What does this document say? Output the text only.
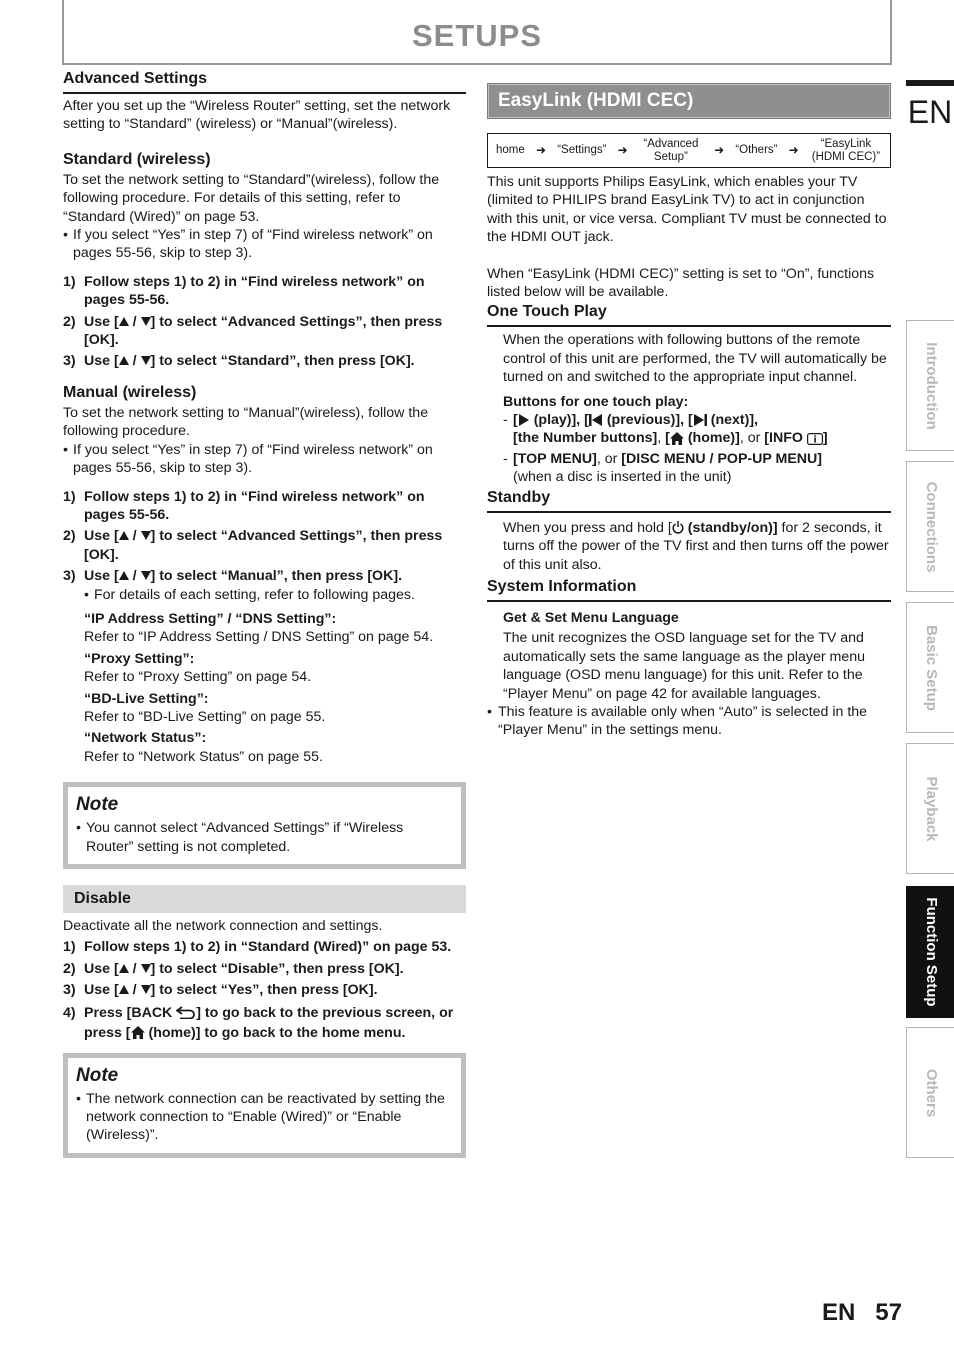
SETUPS
EN
Introduction
Connections
Basic Setup
Playback
Function Setup
Others
Advanced Settings

After you set up the “Wireless Router” setting, set the network setting to “Standard” (wireless) or “Manual”(wireless).

Standard (wireless)

To set the network setting to “Standard”(wireless), follow the following procedure. For details of this setting, refer to “Standard (Wired)” on page 53.

• If you select “Yes” in step 7) of “Find wireless network” on pages 55-56, skip to step 3).

1) Follow steps 1) to 2) in “Find wireless network” on pages 55-56.
2) Use [ / ] to select “Advanced Settings”, then press [OK].
3) Use [ / ] to select “Standard”, then press [OK].
Manual (wireless)

To set the network setting to “Manual”(wireless), follow the following procedure.

• If you select “Yes” in step 7) of “Find wireless network” on pages 55-56, skip to step 3).

1) Follow steps 1) to 2) in “Find wireless network” on pages 55-56.
2) Use [ / ] to select “Advanced Settings”, then press [OK].
3) Use [ / ] to select “Manual”, then press [OK].

• For details of each setting, refer to following pages.

“IP Address Setting” / “DNS Setting”:

Refer to “IP Address Setting / DNS Setting” on page 54.

“Proxy Setting”:

Refer to “Proxy Setting” on page 54.

“BD-Live Setting”:

Refer to “BD-Live Setting” on page 55.

“Network Status”:

Refer to “Network Status” on page 55.

Note

• You cannot select “Advanced Settings” if “Wireless Router” setting is not completed.

Disable

Deactivate all the network connection and settings.

1) Follow steps 1) to 2) in “Standard (Wired)” on page 53.
2) Use [ / ] to select “Disable”, then press [OK].
3) Use [ / ] to select “Yes”, then press [OK].
4) Press [BACK ] to go back to the previous screen, or press [ (home)] to go back to the home menu.
Note

• The network connection can be reactivated by setting the network connection to “Enable (Wired)” or “Enable (Wireless)”.

EasyLink (HDMI CEC)
home ➜ “Settings” ➜	“Advanced Setup”	➜ “Others” ➜	“EasyLink (HDMI CEC)”

This unit supports Philips EasyLink, which enables your TV (limited to PHILIPS brand EasyLink TV) to act in conjunction with this unit, or vice versa. Compliant TV must be connected to the HDMI OUT jack.

When “EasyLink (HDMI CEC)” setting is set to “On”, functions listed below will be available.

One Touch Play

When the operations with following buttons of the remote control of this unit are performed, the TV will automatically be turned on and switched to the appropriate input channel.

Buttons for one touch play:

- [ (play)], [ (previous)], [ (next)],
[the Number buttons], [ (home)], or [INFO ]
- [TOP MENU], or [DISC MENU / POP-UP MENU]
(when a disc is inserted in the unit)
Standby

When you press and hold [ (standby/on)] for 2 seconds, it turns off the power of the TV first and then turns off the power of this unit also.

System Information

Get & Set Menu Language

The unit recognizes the OSD language set for the TV and automatically sets the same language as the player menu language (OSD menu language) for this unit. Refer to the “Player Menu” on page 42 for available languages.

• This feature is available only when “Auto” is selected in the “Player Menu” in the settings menu.

EN 57
